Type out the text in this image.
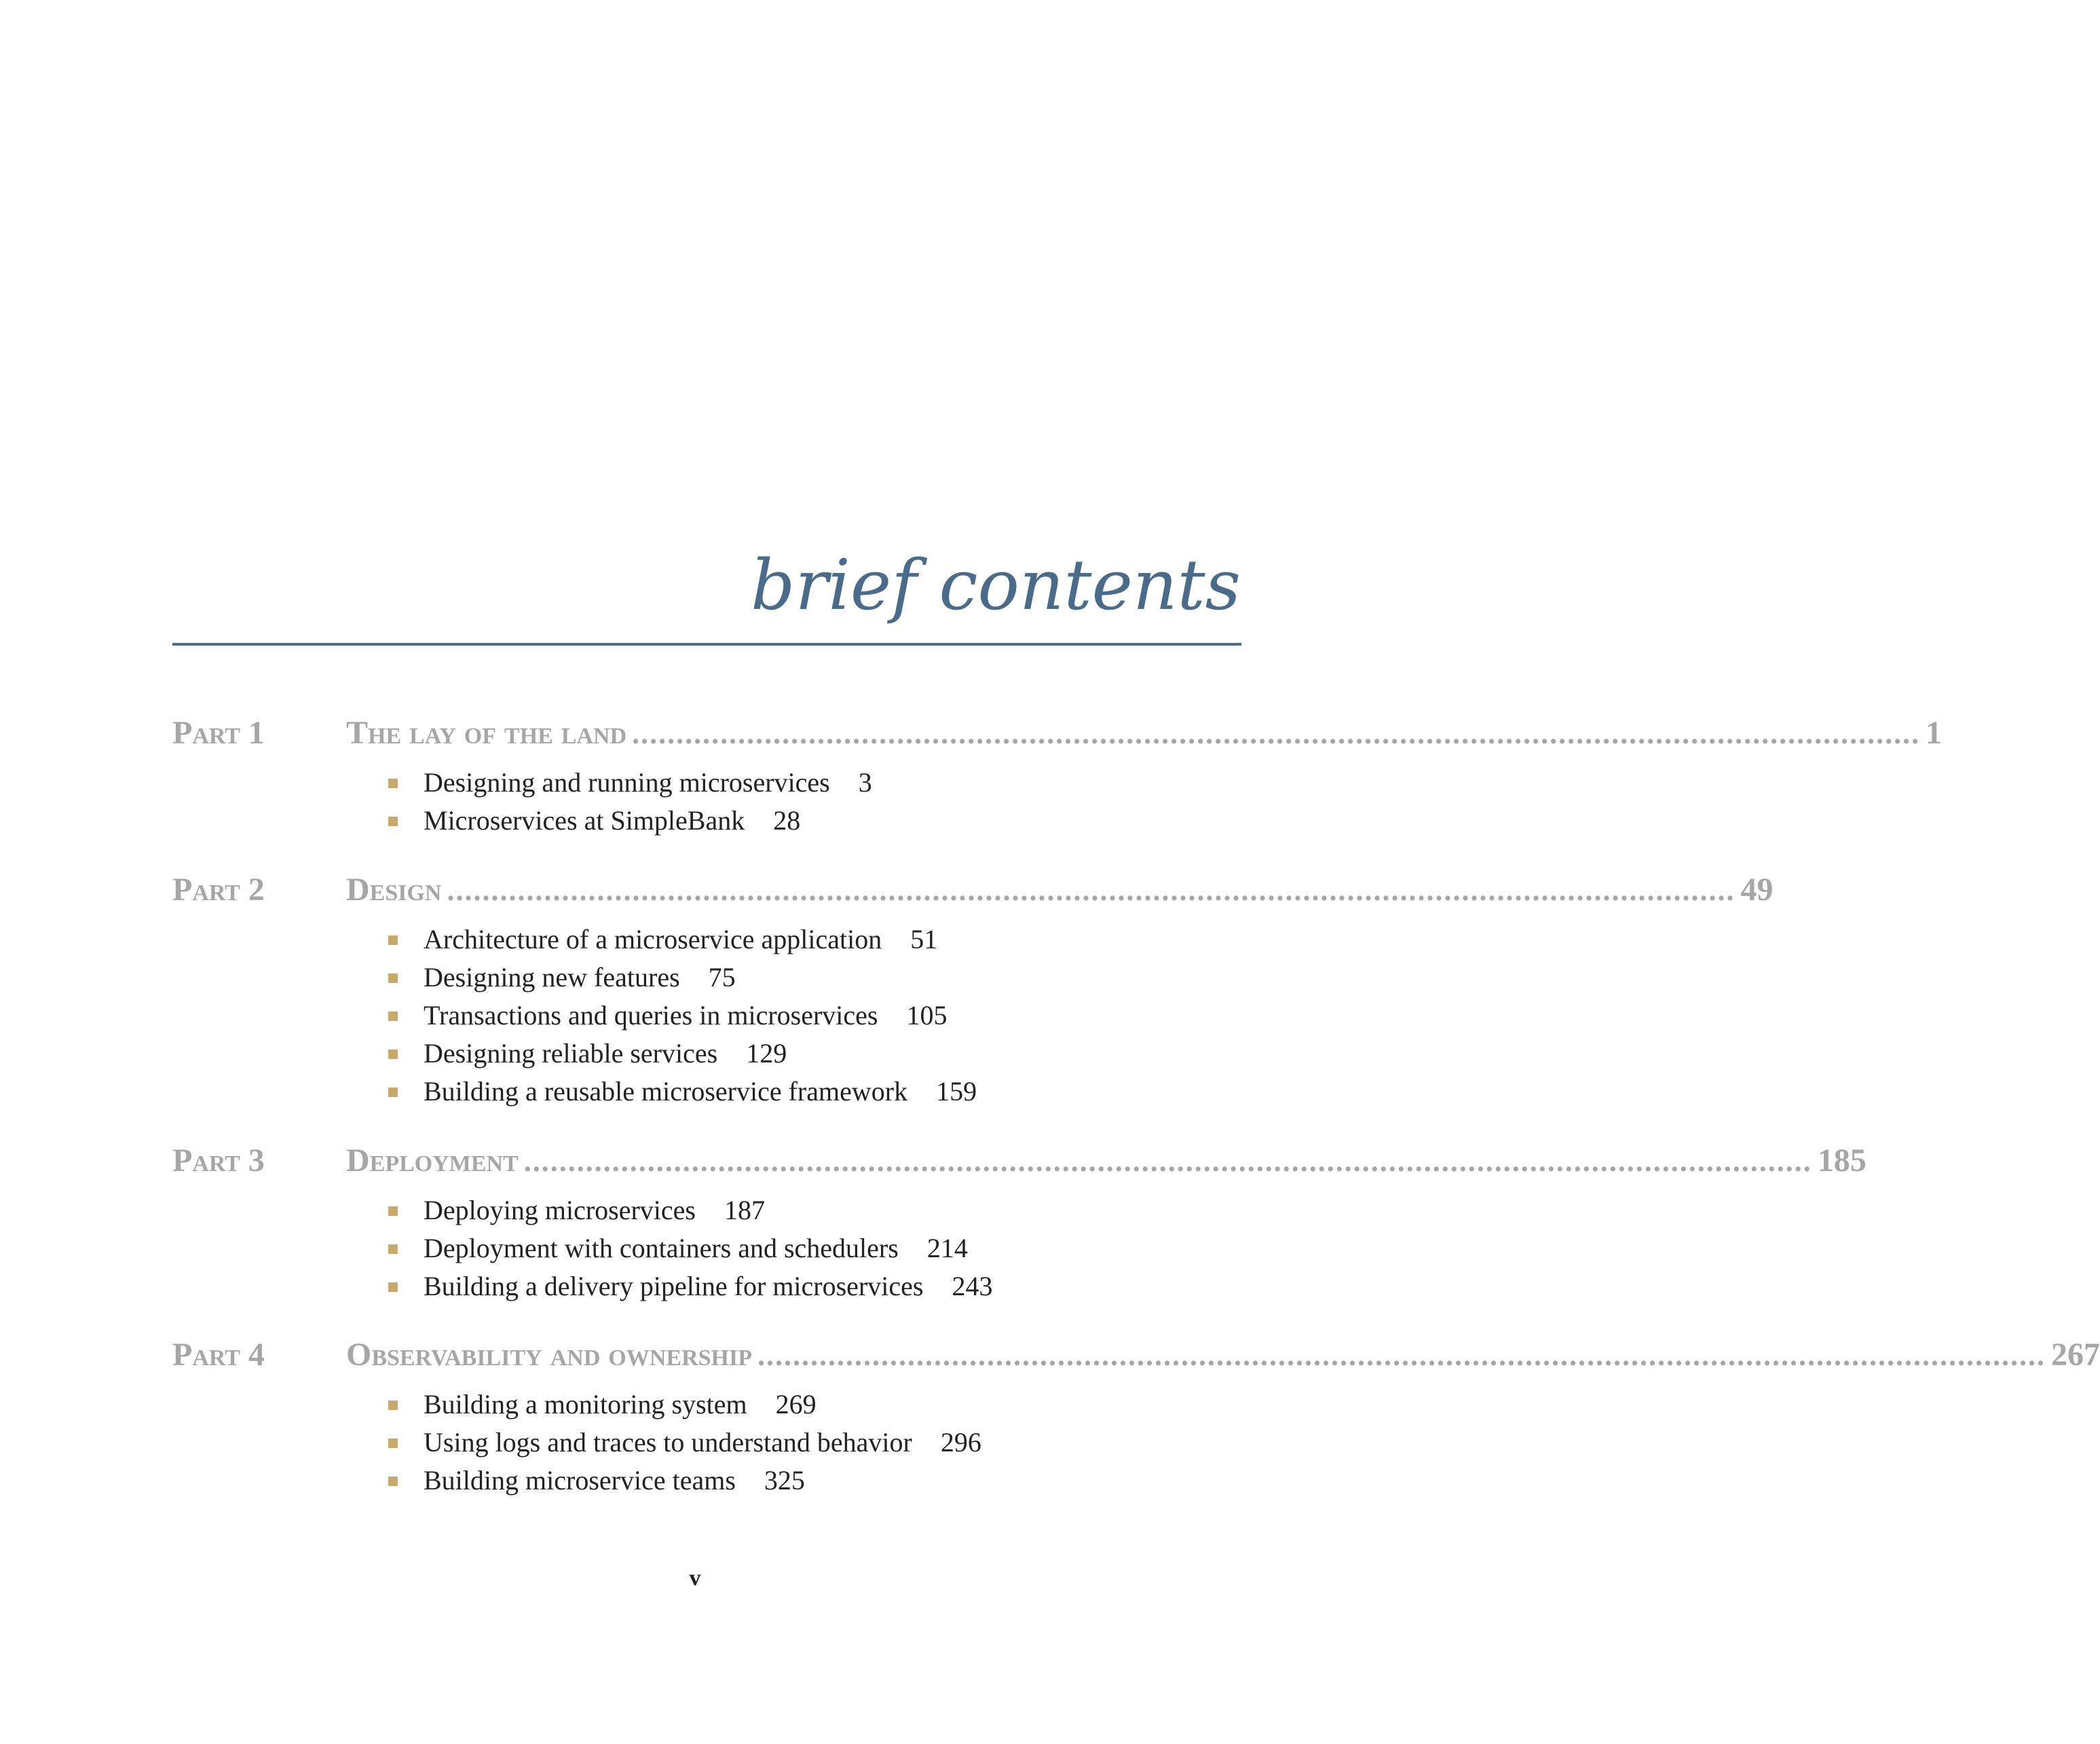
brief contents
Part 1	The lay of the land .................................................................................................................................................. 1
Designing and running microservices 3
Microservices at SimpleBank 28
Part 2	Design .................................................................................................................................................. 49
Architecture of a microservice application 51
Designing new features 75
Transactions and queries in microservices 105
Designing reliable services 129
Building a reusable microservice framework 159
Part 3	Deployment .................................................................................................................................................. 185
Deploying microservices 187
Deployment with containers and schedulers 214
Building a delivery pipeline for microservices 243
Part 4	Observability and ownership .................................................................................................................................................. 267
Building a monitoring system 269
Using logs and traces to understand behavior 296
Building microservice teams 325
v
